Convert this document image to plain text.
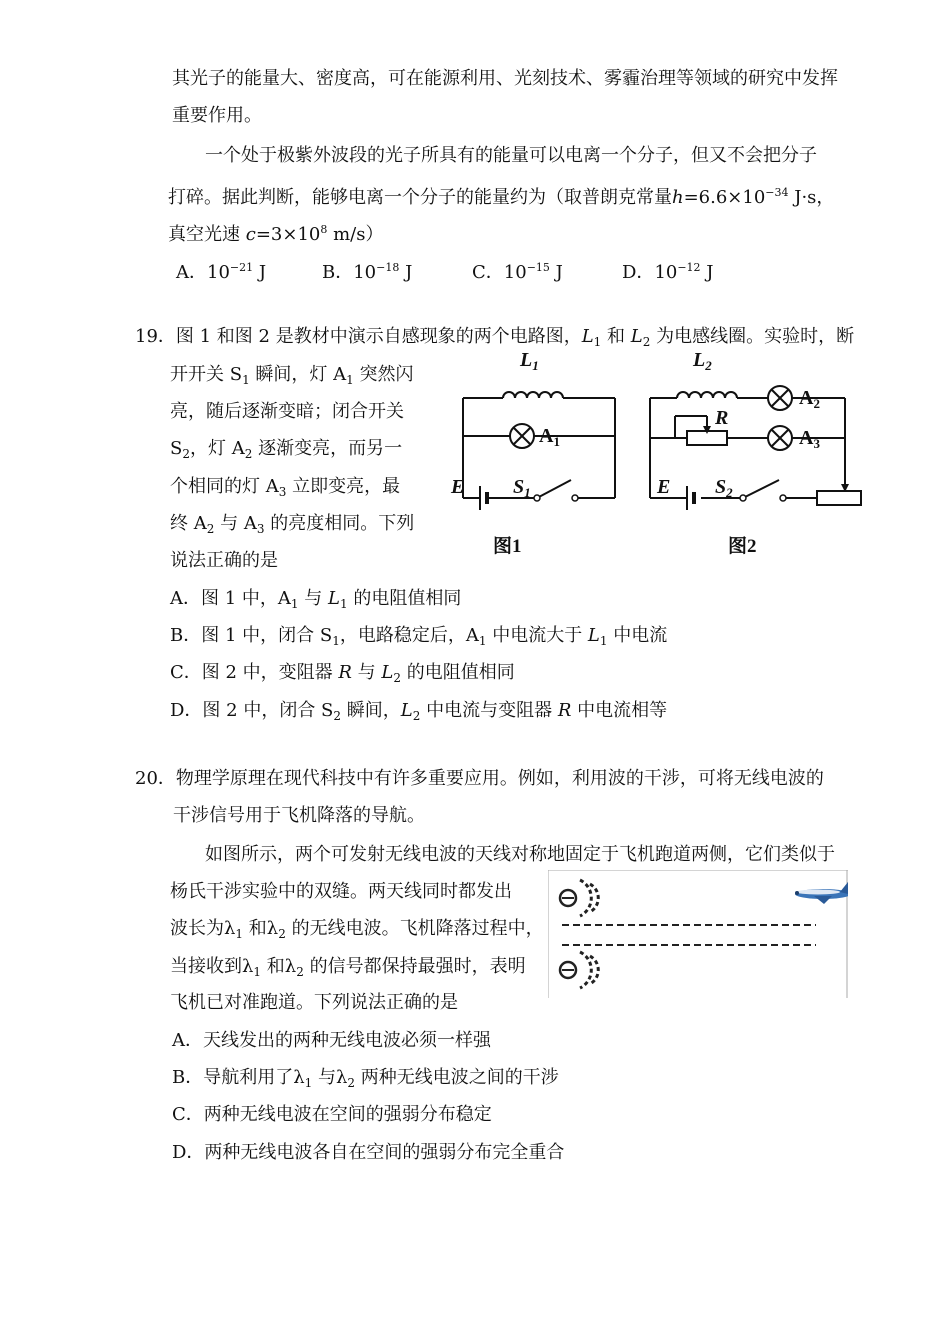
其光子的能量大、密度高，可在能源利用、光刻技术、雾霾治理等领域的研究中发挥
重要作用。
一个处于极紫外波段的光子所具有的能量可以电离一个分子，但又不会把分子
打碎。据此判断，能够电离一个分子的能量约为（取普朗克常量$h=6.6\times 10^{-34}$ J·s，
真空光速 $c=3\times 10^8$ m/s）
A．$10^{-21}$ J	B．$10^{-18}$ J	C．$10^{-15}$ J	D．$10^{-12}$ J
19．图 1 和图 2 是教材中演示自感现象的两个电路图，$L_1$ 和 $L_2$ 为电感线圈。实验时，断
开开关 $S_1$ 瞬间，灯 $A_1$ 突然闪
亮，随后逐渐变暗；闭合开关
$S_2$，灯 $A_2$ 逐渐变亮，而另一
个相同的灯 $A_3$ 立即变亮，最
终 $A_2$ 与 $A_3$ 的亮度相同。下列
说法正确的是
$L_1$
$A_1$
E $S_1$
图1
$L_2$
$A_2$
R
$A_3$
E $S_2$
图2
A．图 1 中，$A_1$ 与 $L_1$ 的电阻值相同
B．图 1 中，闭合 $S_1$，电路稳定后，$A_1$ 中电流大于 $L_1$ 中电流
C．图 2 中，变阻器 R 与 $L_2$ 的电阻值相同
D．图 2 中，闭合 $S_2$ 瞬间，$L_2$ 中电流与变阻器 R 中电流相等
20．物理学原理在现代科技中有许多重要应用。例如，利用波的干涉，可将无线电波的
干涉信号用于飞机降落的导航。
如图所示，两个可发射无线电波的天线对称地固定于飞机跑道两侧，它们类似于
杨氏干涉实验中的双缝。两天线同时都发出
波长为$\lambda_1$ 和$\lambda_2$ 的无线电波。飞机降落过程中，
当接收到$\lambda_1$ 和$\lambda_2$ 的信号都保持最强时，表明
飞机已对准跑道。下列说法正确的是
A．天线发出的两种无线电波必须一样强
B．导航利用了$\lambda_1$ 与$\lambda_2$ 两种无线电波之间的干涉
C．两种无线电波在空间的强弱分布稳定
D．两种无线电波各自在空间的强弱分布完全重合
